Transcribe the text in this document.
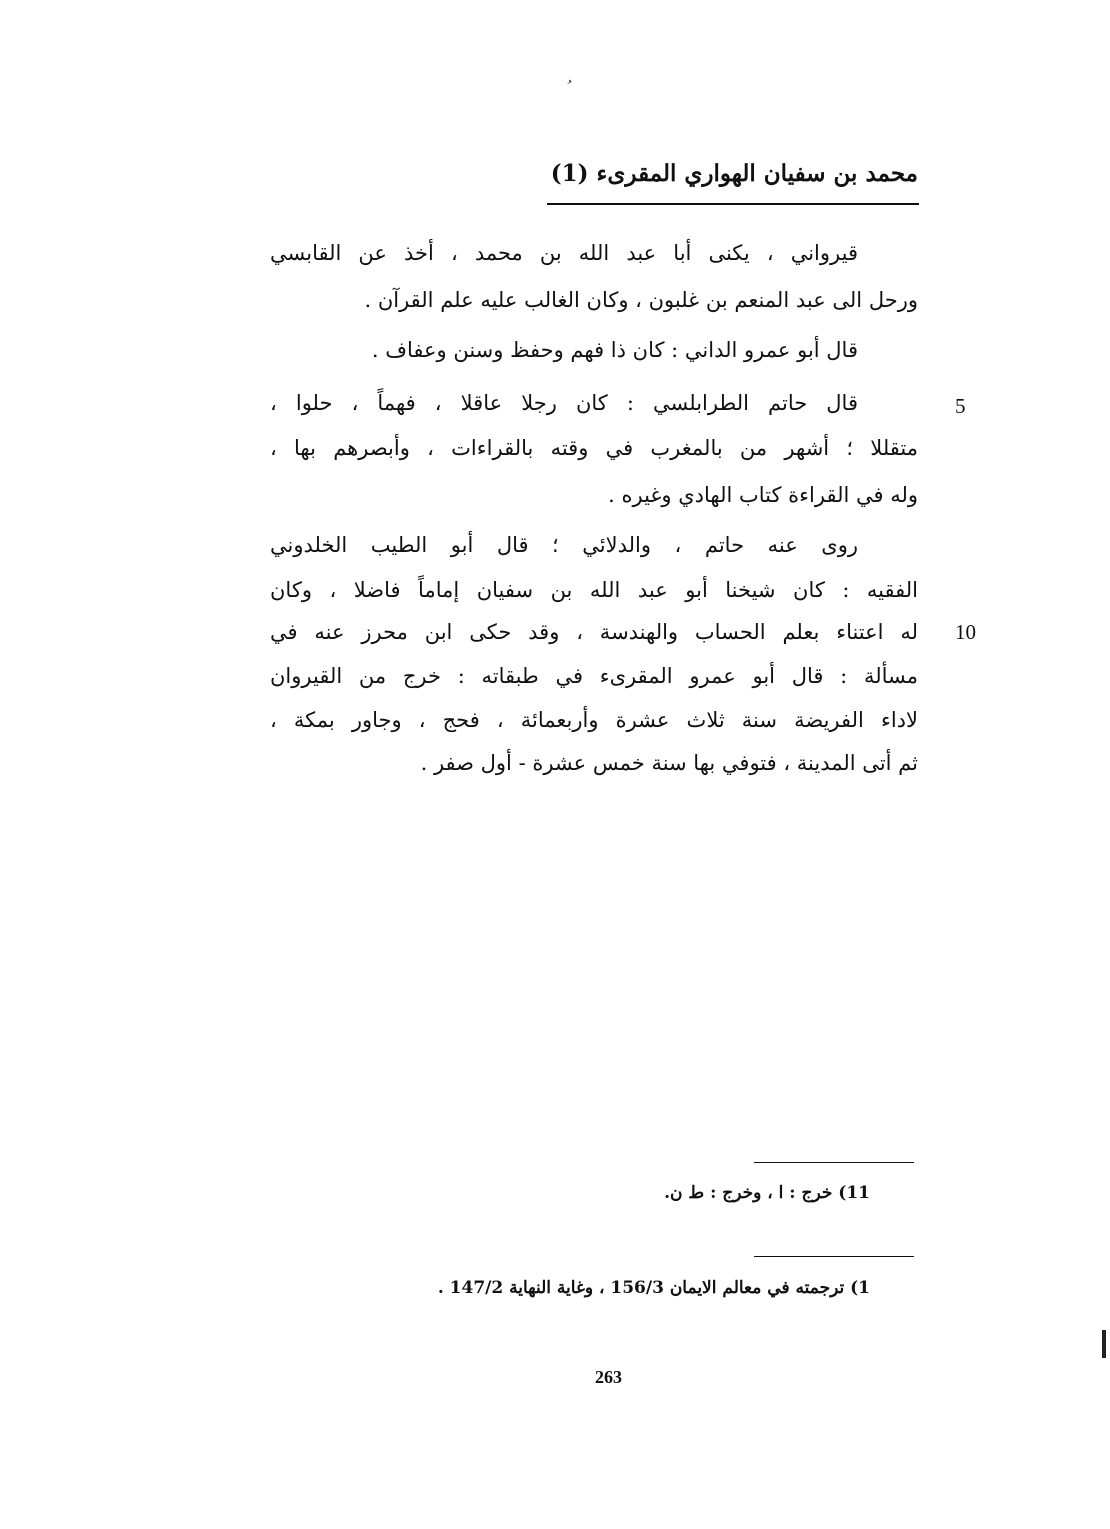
محمد بن سفيان الهواري المقرىء (1)
قيرواني ، يكنى أبا عبد الله بن محمد ، أخذ عن القابسي
ورحل الى عبد المنعم بن غلبون ، وكان الغالب عليه علم القرآن .
قال أبو عمرو الداني : كان ذا فهم وحفظ وسنن وعفاف .
قال حاتم الطرابلسي : كان رجلا عاقلا ، فهماً ، حلوا ،
متقللا ؛ أشهر من بالمغرب في وقته بالقراءات ، وأبصرهم بها ،
وله في القراءة كتاب الهادي وغيره .
روى عنه حاتم ، والدلائي ؛ قال أبو الطيب الخلدوني
الفقيه : كان شيخنا أبو عبد الله بن سفيان إماماً فاضلا ، وكان
له اعتناء بعلم الحساب والهندسة ، وقد حكى ابن محرز عنه في
مسألة : قال أبو عمرو المقرىء في طبقاته : خرج من القيروان
لاداء الفريضة سنة ثلاث عشرة وأربعمائة ، فحج ، وجاور بمكة ،
ثم أتى المدينة ، فتوفي بها سنة خمس عشرة - أول صفر .
5
10
11) خرج : ا ، وخرج : ط ن.
1) ترجمته في معالم الايمان 156/3 ، وغاية النهاية 147/2 .
263
